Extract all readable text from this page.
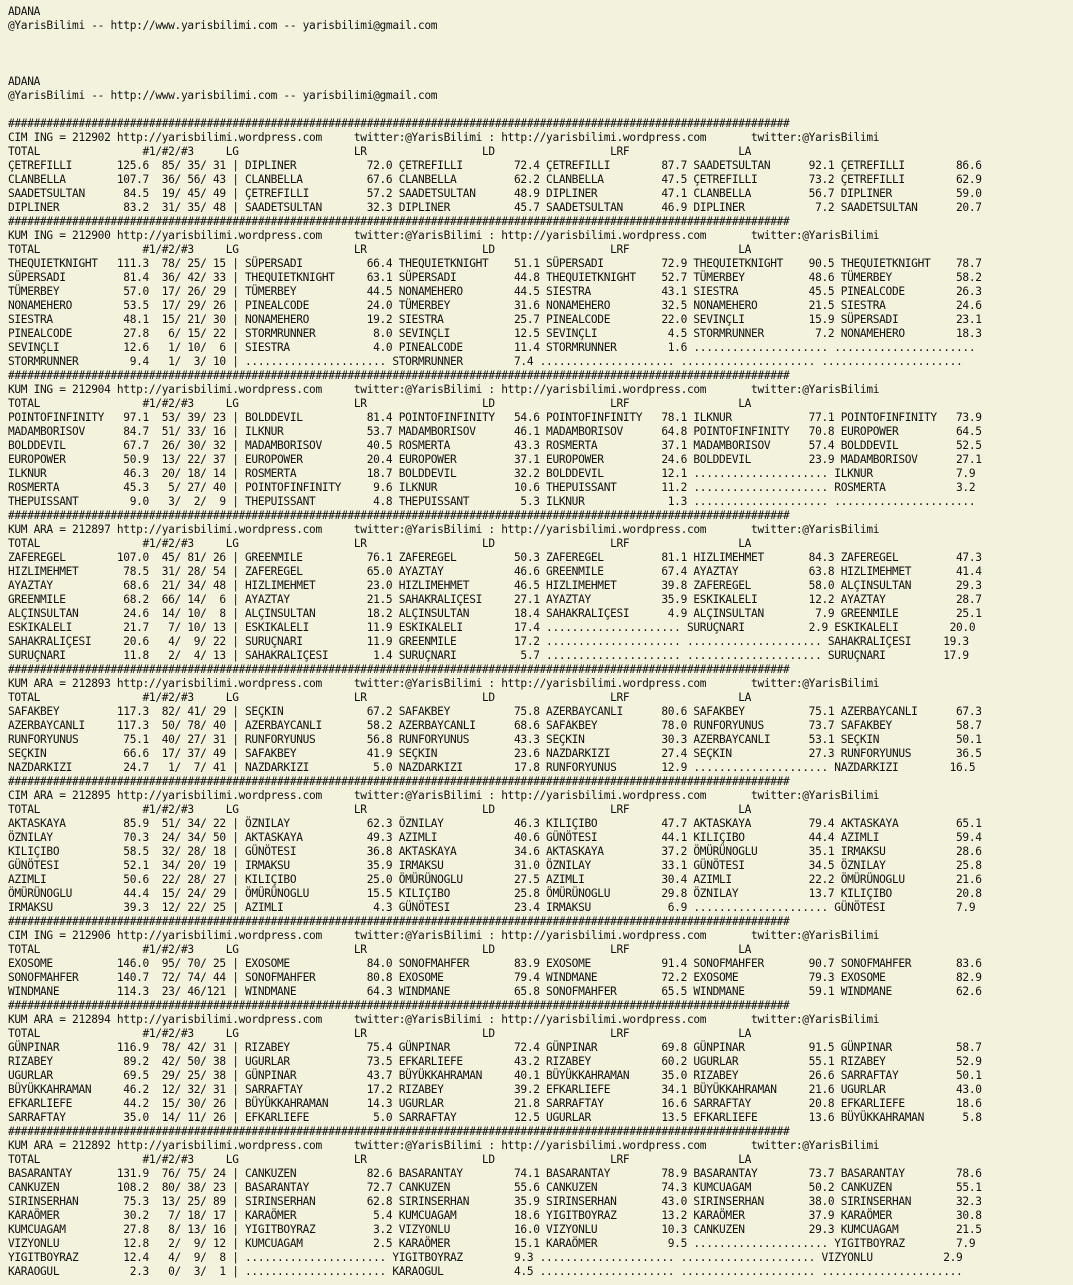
ADANA
@YarisBilimi -- http://www.yarisbilimi.com -- yarisbilimi@gmail.com
ADANA
@YarisBilimi -- http://www.yarisbilimi.com -- yarisbilimi@gmail.com
##########################################################################################################################
CIM ING = 212902 http://yarisbilimi.wordpress.com     twitter:@YarisBilimi : http://yarisbilimi.wordpress.com       twitter:@YarisBilimi
TOTAL                #1/#2/#3     LG                  LR                  LD                  LRF                 LA
ÇETREFILLI       125.6  85/ 35/ 31 | DIPLINER           72.0 ÇETREFILLI        72.4 ÇETREFILLI        87.7 SAADETSULTAN      92.1 ÇETREFILLI        86.6
CLANBELLA        107.7  36/ 56/ 43 | CLANBELLA          67.6 CLANBELLA         62.2 CLANBELLA         47.5 ÇETREFILLI        73.2 ÇETREFILLI        62.9
SAADETSULTAN      84.5  19/ 45/ 49 | ÇETREFILLI         57.2 SAADETSULTAN      48.9 DIPLINER          47.1 CLANBELLA         56.7 DIPLINER          59.0
DIPLINER          83.2  31/ 35/ 48 | SAADETSULTAN       32.3 DIPLINER          45.7 SAADETSULTAN      46.9 DIPLINER           7.2 SAADETSULTAN      20.7
##########################################################################################################################
KUM ING = 212900 http://yarisbilimi.wordpress.com     twitter:@YarisBilimi : http://yarisbilimi.wordpress.com       twitter:@YarisBilimi
TOTAL                #1/#2/#3     LG                  LR                  LD                  LRF                 LA
THEQUIETKNIGHT   111.3  78/ 25/ 15 | SÜPERSADI          66.4 THEQUIETKNIGHT    51.1 SÜPERSADI         72.9 THEQUIETKNIGHT    90.5 THEQUIETKNIGHT    78.7
SÜPERSADI         81.4  36/ 42/ 33 | THEQUIETKNIGHT     63.1 SÜPERSADI         44.8 THEQUIETKNIGHT    52.7 TÜMERBEY          48.6 TÜMERBEY          58.2
TÜMERBEY          57.0  17/ 26/ 29 | TÜMERBEY           44.5 NONAMEHERO        44.5 SIESTRA           43.1 SIESTRA           45.5 PINEALCODE        26.3
NONAMEHERO        53.5  17/ 29/ 26 | PINEALCODE         24.0 TÜMERBEY          31.6 NONAMEHERO        32.5 NONAMEHERO        21.5 SIESTRA           24.6
SIESTRA           48.1  15/ 21/ 30 | NONAMEHERO         19.2 SIESTRA           25.7 PINEALCODE        22.0 SEVINÇLI          15.9 SÜPERSADI         23.1
PINEALCODE        27.8   6/ 15/ 22 | STORMRUNNER         8.0 SEVINÇLI          12.5 SEVINÇLI           4.5 STORMRUNNER        7.2 NONAMEHERO        18.3
SEVINÇLI          12.6   1/ 10/  6 | SIESTRA             4.0 PINEALCODE        11.4 STORMRUNNER        1.6 ..................... ......................
STORMRUNNER        9.4   1/  3/ 10 | ...................... STORMRUNNER        7.4 ..................... ..................... ......................
##########################################################################################################################
KUM ING = 212904 http://yarisbilimi.wordpress.com     twitter:@YarisBilimi : http://yarisbilimi.wordpress.com       twitter:@YarisBilimi
TOTAL                #1/#2/#3     LG                  LR                  LD                  LRF                 LA
POINTOFINFINITY   97.1  53/ 39/ 23 | BOLDDEVIL          81.4 POINTOFINFINITY   54.6 POINTOFINFINITY   78.1 ILKNUR            77.1 POINTOFINFINITY   73.9
MADAMBORISOV      84.7  51/ 33/ 16 | ILKNUR             53.7 MADAMBORISOV      46.1 MADAMBORISOV      64.8 POINTOFINFINITY   70.8 EUROPOWER         64.5
BOLDDEVIL         67.7  26/ 30/ 32 | MADAMBORISOV       40.5 ROSMERTA          43.3 ROSMERTA          37.1 MADAMBORISOV      57.4 BOLDDEVIL         52.5
EUROPOWER         50.9  13/ 22/ 37 | EUROPOWER          20.4 EUROPOWER         37.1 EUROPOWER         24.6 BOLDDEVIL         23.9 MADAMBORISOV      27.1
ILKNUR            46.3  20/ 18/ 14 | ROSMERTA           18.7 BOLDDEVIL         32.2 BOLDDEVIL         12.1 ..................... ILKNUR             7.9
ROSMERTA          45.3   5/ 27/ 40 | POINTOFINFINITY     9.6 ILKNUR            10.6 THEPUISSANT       11.2 ..................... ROSMERTA           3.2
THEPUISSANT        9.0   3/  2/  9 | THEPUISSANT         4.8 THEPUISSANT        5.3 ILKNUR             1.3 ..................... ......................
##########################################################################################################################
KUM ARA = 212897 http://yarisbilimi.wordpress.com     twitter:@YarisBilimi : http://yarisbilimi.wordpress.com       twitter:@YarisBilimi
TOTAL                #1/#2/#3     LG                  LR                  LD                  LRF                 LA
ZAFEREGEL        107.0  45/ 81/ 26 | GREENMILE          76.1 ZAFEREGEL         50.3 ZAFEREGEL         81.1 HIZLIMEHMET       84.3 ZAFEREGEL         47.3
HIZLIMEHMET       78.5  31/ 28/ 54 | ZAFEREGEL          65.0 AYAZTAY           46.6 GREENMILE         67.4 AYAZTAY           63.8 HIZLIMEHMET       41.4
AYAZTAY           68.6  21/ 34/ 48 | HIZLIMEHMET        23.0 HIZLIMEHMET       46.5 HIZLIMEHMET       39.8 ZAFEREGEL         58.0 ALÇINSULTAN       29.3
GREENMILE         68.2  66/ 14/  6 | AYAZTAY            21.5 SAHAKRALIÇESI     27.1 AYAZTAY           35.9 ESKIKALELI        12.2 AYAZTAY           28.7
ALÇINSULTAN       24.6  14/ 10/  8 | ALÇINSULTAN        18.2 ALÇINSULTAN       18.4 SAHAKRALIÇESI      4.9 ALÇINSULTAN        7.9 GREENMILE         25.1
ESKIKALELI        21.7   7/ 10/ 13 | ESKIKALELI         11.9 ESKIKALELI        17.4 ..................... SURUÇNARI          2.9 ESKIKALELI        20.0
SAHAKRALIÇESI     20.6   4/  9/ 22 | SURUÇNARI          11.9 GREENMILE         17.2 ..................... ..................... SAHAKRALIÇESI     19.3
SURUÇNARI         11.8   2/  4/ 13 | SAHAKRALIÇESI       1.4 SURUÇNARI          5.7 ..................... ..................... SURUÇNARI         17.9
##########################################################################################################################
KUM ARA = 212893 http://yarisbilimi.wordpress.com     twitter:@YarisBilimi : http://yarisbilimi.wordpress.com       twitter:@YarisBilimi
TOTAL                #1/#2/#3     LG                  LR                  LD                  LRF                 LA
SAFAKBEY         117.3  82/ 41/ 29 | SEÇKIN             67.2 SAFAKBEY          75.8 AZERBAYCANLI      80.6 SAFAKBEY          75.1 AZERBAYCANLI      67.3
AZERBAYCANLI     117.3  50/ 78/ 40 | AZERBAYCANLI       58.2 AZERBAYCANLI      68.6 SAFAKBEY          78.0 RUNFORYUNUS       73.7 SAFAKBEY          58.7
RUNFORYUNUS       75.1  40/ 27/ 31 | RUNFORYUNUS        56.8 RUNFORYUNUS       43.3 SEÇKIN            30.3 AZERBAYCANLI      53.1 SEÇKIN            50.1
SEÇKIN            66.6  17/ 37/ 49 | SAFAKBEY           41.9 SEÇKIN            23.6 NAZDARKIZI        27.4 SEÇKIN            27.3 RUNFORYUNUS       36.5
NAZDARKIZI        24.7   1/  7/ 41 | NAZDARKIZI          5.0 NAZDARKIZI        17.8 RUNFORYUNUS       12.9 ..................... NAZDARKIZI        16.5
##########################################################################################################################
CIM ARA = 212895 http://yarisbilimi.wordpress.com     twitter:@YarisBilimi : http://yarisbilimi.wordpress.com       twitter:@YarisBilimi
TOTAL                #1/#2/#3     LG                  LR                  LD                  LRF                 LA
AKTASKAYA         85.9  51/ 34/ 22 | ÖZNILAY            62.3 ÖZNILAY           46.3 KILIÇIBO          47.7 AKTASKAYA         79.4 AKTASKAYA         65.1
ÖZNILAY           70.3  24/ 34/ 50 | AKTASKAYA          49.3 AZIMLI            40.6 GÜNÖTESI          44.1 KILIÇIBO          44.4 AZIMLI            59.4
KILIÇIBO          58.5  32/ 28/ 18 | GÜNÖTESI           36.8 AKTASKAYA         34.6 AKTASKAYA         37.2 ÖMÜRÜNOGLU        35.1 IRMAKSU           28.6
GÜNÖTESI          52.1  34/ 20/ 19 | IRMAKSU            35.9 IRMAKSU           31.0 ÖZNILAY           33.1 GÜNÖTESI          34.5 ÖZNILAY           25.8
AZIMLI            50.6  22/ 28/ 27 | KILIÇIBO           25.0 ÖMÜRÜNOGLU        27.5 AZIMLI            30.4 AZIMLI            22.2 ÖMÜRÜNOGLU        21.6
ÖMÜRÜNOGLU        44.4  15/ 24/ 29 | ÖMÜRÜNOGLU         15.5 KILIÇIBO          25.8 ÖMÜRÜNOGLU        29.8 ÖZNILAY           13.7 KILIÇIBO          20.8
IRMAKSU           39.3  12/ 22/ 25 | AZIMLI              4.3 GÜNÖTESI          23.4 IRMAKSU            6.9 ..................... GÜNÖTESI           7.9
##########################################################################################################################
CIM ING = 212906 http://yarisbilimi.wordpress.com     twitter:@YarisBilimi : http://yarisbilimi.wordpress.com       twitter:@YarisBilimi
TOTAL                #1/#2/#3     LG                  LR                  LD                  LRF                 LA
EXOSOME          146.0  95/ 70/ 25 | EXOSOME            84.0 SONOFMAHFER       83.9 EXOSOME           91.4 SONOFMAHFER       90.7 SONOFMAHFER       83.6
SONOFMAHFER      140.7  72/ 74/ 44 | SONOFMAHFER        80.8 EXOSOME           79.4 WINDMANE          72.2 EXOSOME           79.3 EXOSOME           82.9
WINDMANE         114.3  23/ 46/121 | WINDMANE           64.3 WINDMANE          65.8 SONOFMAHFER       65.5 WINDMANE          59.1 WINDMANE          62.6
##########################################################################################################################
KUM ARA = 212894 http://yarisbilimi.wordpress.com     twitter:@YarisBilimi : http://yarisbilimi.wordpress.com       twitter:@YarisBilimi
TOTAL                #1/#2/#3     LG                  LR                  LD                  LRF                 LA
GÜNPINAR         116.9  78/ 42/ 31 | RIZABEY            75.4 GÜNPINAR          72.4 GÜNPINAR          69.8 GÜNPINAR          91.5 GÜNPINAR          58.7
RIZABEY           89.2  42/ 50/ 38 | UGURLAR            73.5 EFKARLIEFE        43.2 RIZABEY           60.2 UGURLAR           55.1 RIZABEY           52.9
UGURLAR           69.5  29/ 25/ 38 | GÜNPINAR           43.7 BÜYÜKKAHRAMAN     40.1 BÜYÜKKAHRAMAN     35.0 RIZABEY           26.6 SARRAFTAY         50.1
BÜYÜKKAHRAMAN     46.2  12/ 32/ 31 | SARRAFTAY          17.2 RIZABEY           39.2 EFKARLIEFE        34.1 BÜYÜKKAHRAMAN     21.6 UGURLAR           43.0
EFKARLIEFE        44.2  15/ 30/ 26 | BÜYÜKKAHRAMAN      14.3 UGURLAR           21.8 SARRAFTAY         16.6 SARRAFTAY         20.8 EFKARLIEFE        18.6
SARRAFTAY         35.0  14/ 11/ 26 | EFKARLIEFE          5.0 SARRAFTAY         12.5 UGURLAR           13.5 EFKARLIEFE        13.6 BÜYÜKKAHRAMAN      5.8
##########################################################################################################################
KUM ARA = 212892 http://yarisbilimi.wordpress.com     twitter:@YarisBilimi : http://yarisbilimi.wordpress.com       twitter:@YarisBilimi
TOTAL                #1/#2/#3     LG                  LR                  LD                  LRF                 LA
BASARANTAY       131.9  76/ 75/ 24 | CANKUZEN           82.6 BASARANTAY        74.1 BASARANTAY        78.9 BASARANTAY        73.7 BASARANTAY        78.6
CANKUZEN         108.2  80/ 38/ 23 | BASARANTAY         72.7 CANKUZEN          55.6 CANKUZEN          74.3 KUMCUAGAM         50.2 CANKUZEN          55.1
SIRINSERHAN       75.3  13/ 25/ 89 | SIRINSERHAN        62.8 SIRINSERHAN       35.9 SIRINSERHAN       43.0 SIRINSERHAN       38.0 SIRINSERHAN       32.3
KARAÖMER          30.2   7/ 18/ 17 | KARAÖMER            5.4 KUMCUAGAM         18.6 YIGITBOYRAZ       13.2 KARAÖMER          37.9 KARAÖMER          30.8
KUMCUAGAM         27.8   8/ 13/ 16 | YIGITBOYRAZ         3.2 VIZYONLU          16.0 VIZYONLU          10.3 CANKUZEN          29.3 KUMCUAGAM         21.5
VIZYONLU          12.8   2/  9/ 12 | KUMCUAGAM           2.5 KARAÖMER          15.1 KARAÖMER           9.5 ..................... YIGITBOYRAZ        7.9
YIGITBOYRAZ       12.4   4/  9/  8 | ...................... YIGITBOYRAZ        9.3 ..................... ..................... VIZYONLU           2.9
KARAOGUL           2.3   0/  3/  1 | ...................... KARAOGUL           4.5 ..................... ..................... ......................
